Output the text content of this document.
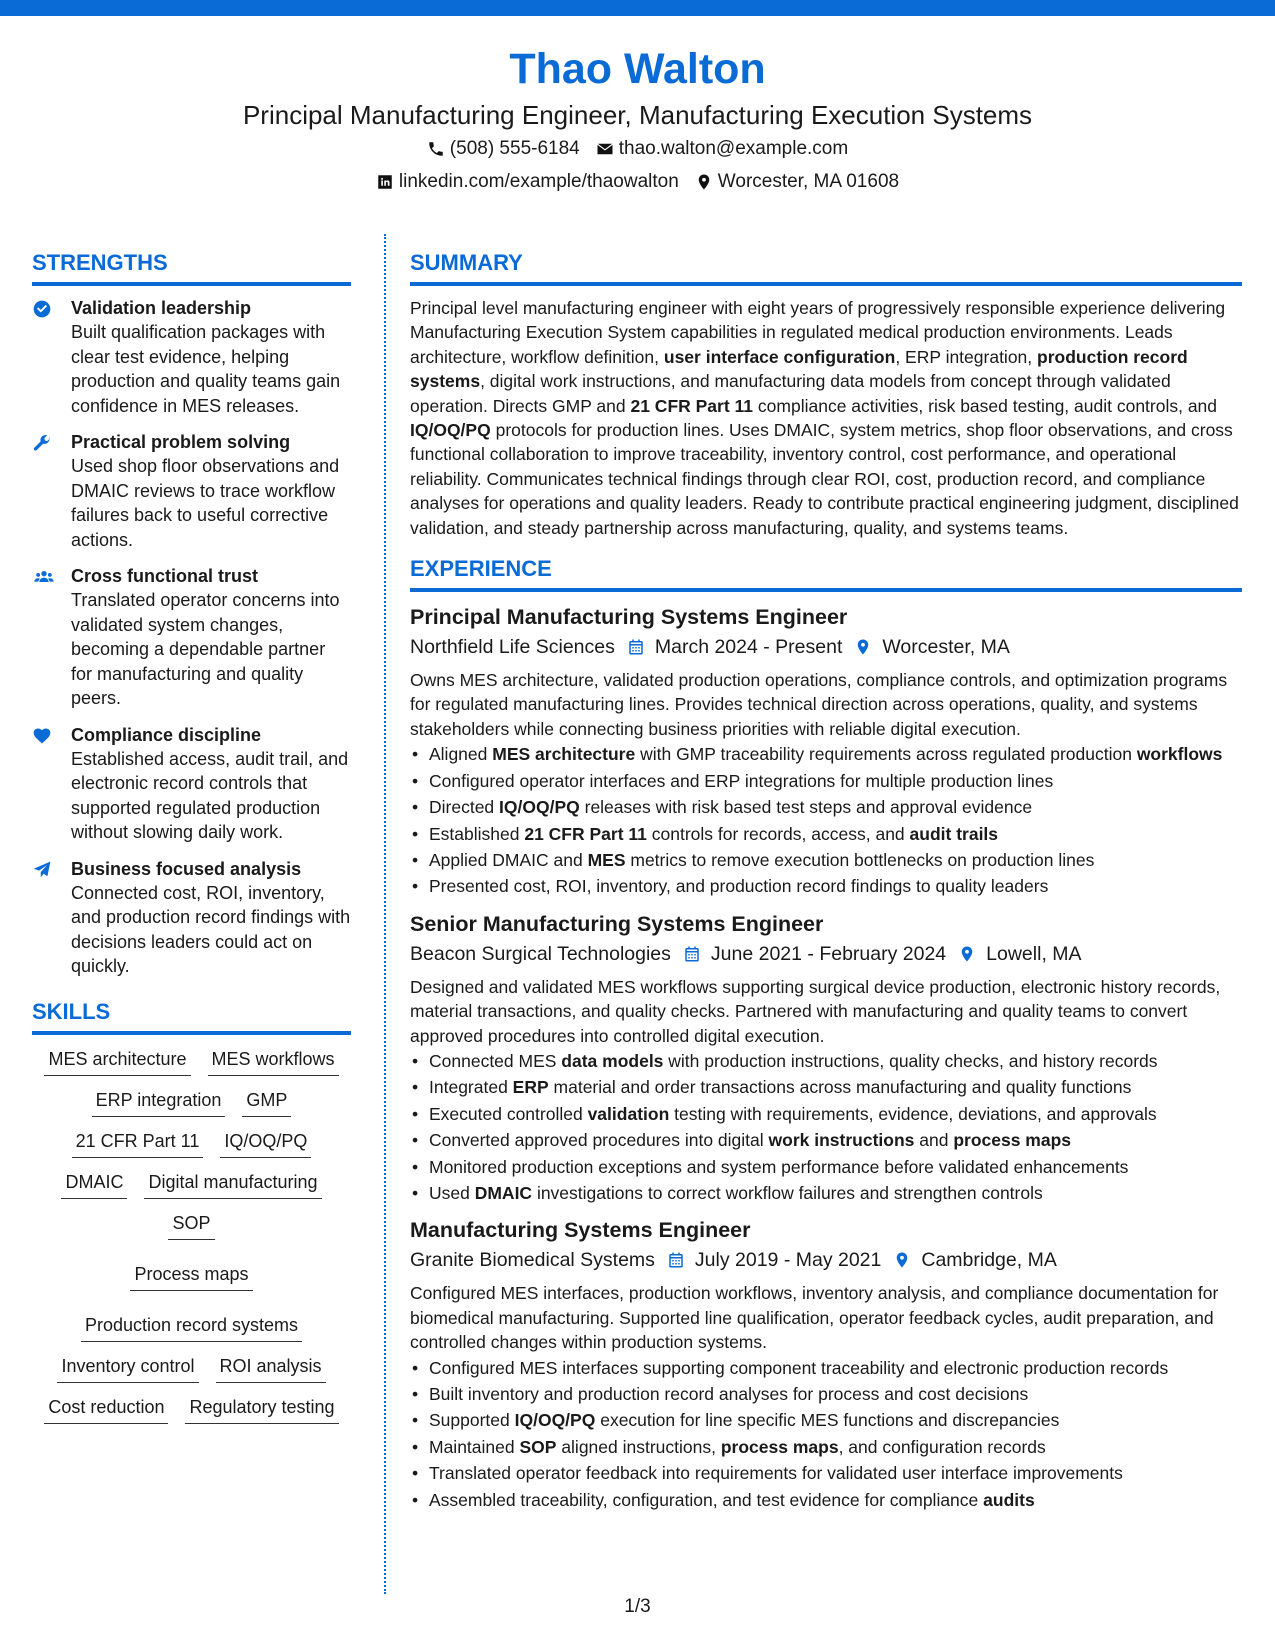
Thao Walton
Principal Manufacturing Engineer, Manufacturing Execution Systems
(508) 555-6184 thao.walton@example.com
linkedin.com/example/thaowalton Worcester, MA 01608
STRENGTHS
Validation leadership

Built qualification packages with clear test evidence, helping production and quality teams gain confidence in MES releases.

Practical problem solving

Used shop floor observations and DMAIC reviews to trace workflow failures back to useful corrective actions.

Cross functional trust

Translated operator concerns into validated system changes, becoming a dependable partner for manufacturing and quality peers.

Compliance discipline

Established access, audit trail, and electronic record controls that supported regulated production without slowing daily work.

Business focused analysis

Connected cost, ROI, inventory, and production record findings with decisions leaders could act on quickly.

SKILLS
MES architecture MES workflows
ERP integration GMP
21 CFR Part 11 IQ/OQ/PQ
DMAIC Digital manufacturing
SOP
Process maps
Production record systems
Inventory control ROI analysis
Cost reduction Regulatory testing
SUMMARY

Principal level manufacturing engineer with eight years of progressively responsible experience delivering Manufacturing Execution System capabilities in regulated medical production environments. Leads architecture, workflow definition, user interface configuration, ERP integration, production record systems, digital work instructions, and manufacturing data models from concept through validated operation. Directs GMP and 21 CFR Part 11 compliance activities, risk based testing, audit controls, and IQ/OQ/PQ protocols for production lines. Uses DMAIC, system metrics, shop floor observations, and cross functional collaboration to improve traceability, inventory control, cost performance, and operational reliability. Communicates technical findings through clear ROI, cost, production record, and compliance analyses for operations and quality leaders. Ready to contribute practical engineering judgment, disciplined validation, and steady partnership across manufacturing, quality, and systems teams.

EXPERIENCE
Principal Manufacturing Systems Engineer
Northfield Life Sciences March 2024 - Present Worcester, MA

Owns MES architecture, validated production operations, compliance controls, and optimization programs for regulated manufacturing lines. Provides technical direction across operations, quality, and systems stakeholders while connecting business priorities with reliable digital execution.

• Aligned MES architecture with GMP traceability requirements across regulated production workflows
• Configured operator interfaces and ERP integrations for multiple production lines
• Directed IQ/OQ/PQ releases with risk based test steps and approval evidence
• Established 21 CFR Part 11 controls for records, access, and audit trails
• Applied DMAIC and MES metrics to remove execution bottlenecks on production lines
• Presented cost, ROI, inventory, and production record findings to quality leaders
Senior Manufacturing Systems Engineer
Beacon Surgical Technologies June 2021 - February 2024 Lowell, MA

Designed and validated MES workflows supporting surgical device production, electronic history records, material transactions, and quality checks. Partnered with manufacturing and quality teams to convert approved procedures into controlled digital execution.

• Connected MES data models with production instructions, quality checks, and history records
• Integrated ERP material and order transactions across manufacturing and quality functions
• Executed controlled validation testing with requirements, evidence, deviations, and approvals
• Converted approved procedures into digital work instructions and process maps
• Monitored production exceptions and system performance before validated enhancements
• Used DMAIC investigations to correct workflow failures and strengthen controls
Manufacturing Systems Engineer
Granite Biomedical Systems July 2019 - May 2021 Cambridge, MA

Configured MES interfaces, production workflows, inventory analysis, and compliance documentation for biomedical manufacturing. Supported line qualification, operator feedback cycles, audit preparation, and controlled changes within production systems.

• Configured MES interfaces supporting component traceability and electronic production records
• Built inventory and production record analyses for process and cost decisions
• Supported IQ/OQ/PQ execution for line specific MES functions and discrepancies
• Maintained SOP aligned instructions, process maps, and configuration records
• Translated operator feedback into requirements for validated user interface improvements
• Assembled traceability, configuration, and test evidence for compliance audits
1/3
